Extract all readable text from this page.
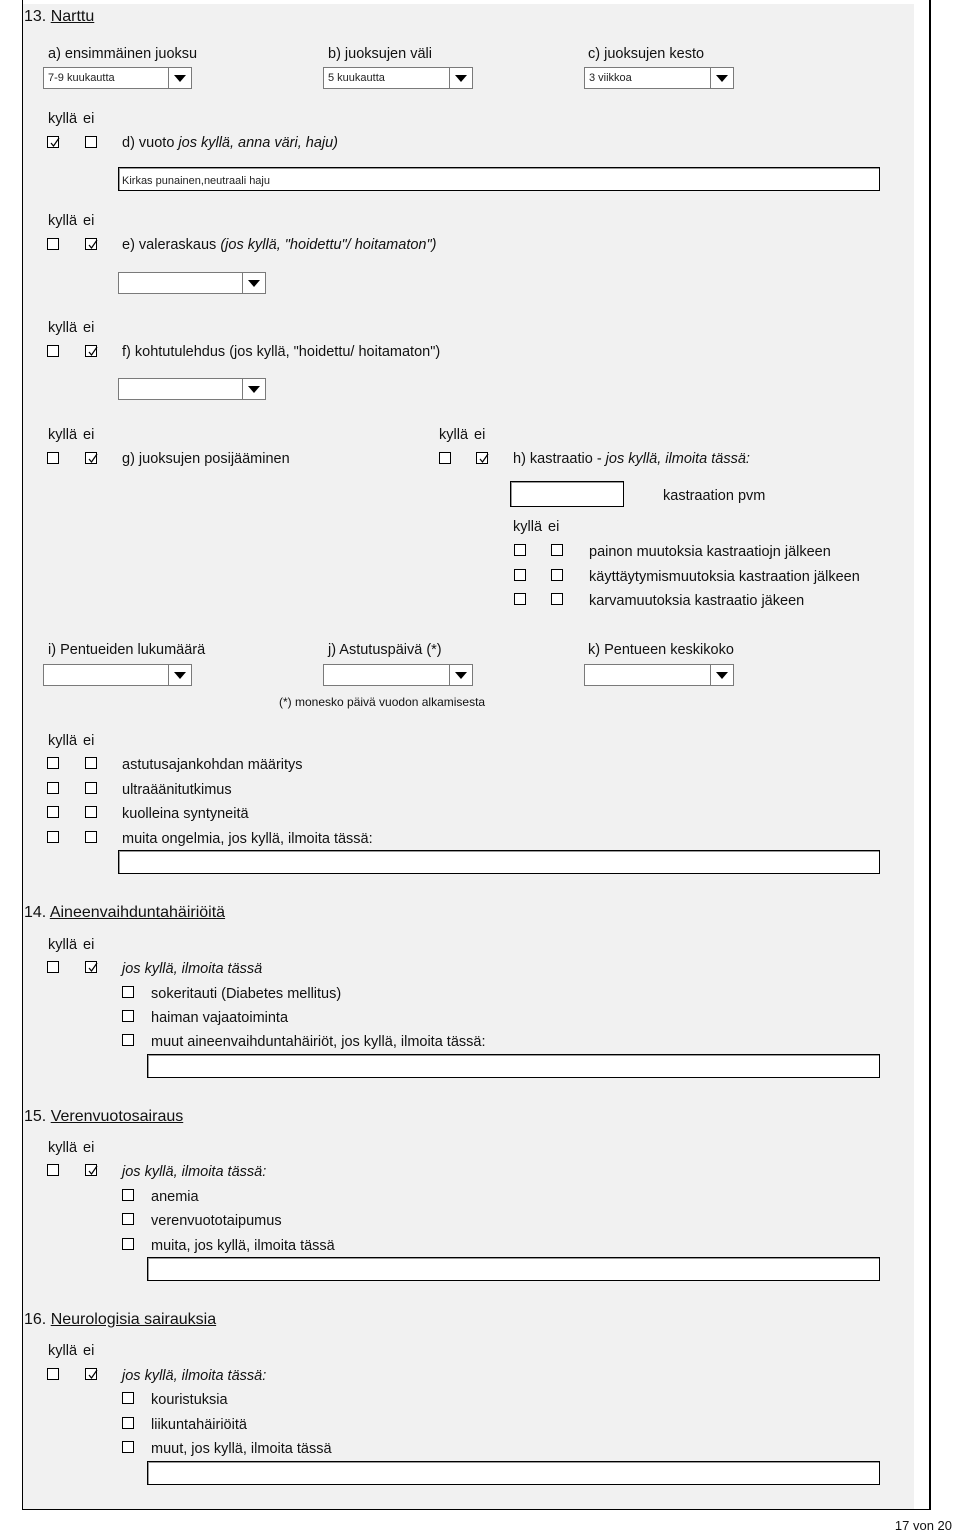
13. Narttu
a) ensimmäinen juoksu	b) juoksujen väli	c) juoksujen kesto
7-9 kuukautta	5 kuukautta	3 viikkoa
kyllä ei
d) vuoto jos kyllä, anna väri, haju)
Kirkas punainen,neutraali haju
kyllä ei
e) valeraskaus (jos kyllä, "hoidettu"/ hoitamaton")
kyllä ei
f) kohtutulehdus (jos kyllä, "hoidettu/ hoitamaton")
kyllä ei
g) juoksujen posijääminen
kyllä ei
h) kastraatio - jos kyllä, ilmoita tässä:
kastraation pvm
kyllä ei
painon muutoksia kastraatiojn jälkeen
käyttäytymismuutoksia kastraation jälkeen
karvamuutoksia kastraatio jäkeen
i) Pentueiden lukumäärä	j) Astutuspäivä (*)	k) Pentueen keskikoko
(*) monesko päivä vuodon alkamisesta
kyllä ei
astutusajankohdan määritys
ultraäänitutkimus
kuolleina syntyneitä
muita ongelmia, jos kyllä, ilmoita tässä:
14. Aineenvaihduntahäiriöitä
kyllä ei
jos kyllä, ilmoita tässä
sokeritauti (Diabetes mellitus)
haiman vajaatoiminta
muut aineenvaihduntahäiriöt, jos kyllä, ilmoita tässä:
15. Verenvuotosairaus
kyllä ei
jos kyllä, ilmoita tässä:
anemia
verenvuototaipumus
muita, jos kyllä, ilmoita tässä
16. Neurologisia sairauksia
kyllä ei
jos kyllä, ilmoita tässä:
kouristuksia
liikuntahäiriöitä
muut, jos kyllä, ilmoita tässä
17 von 20
